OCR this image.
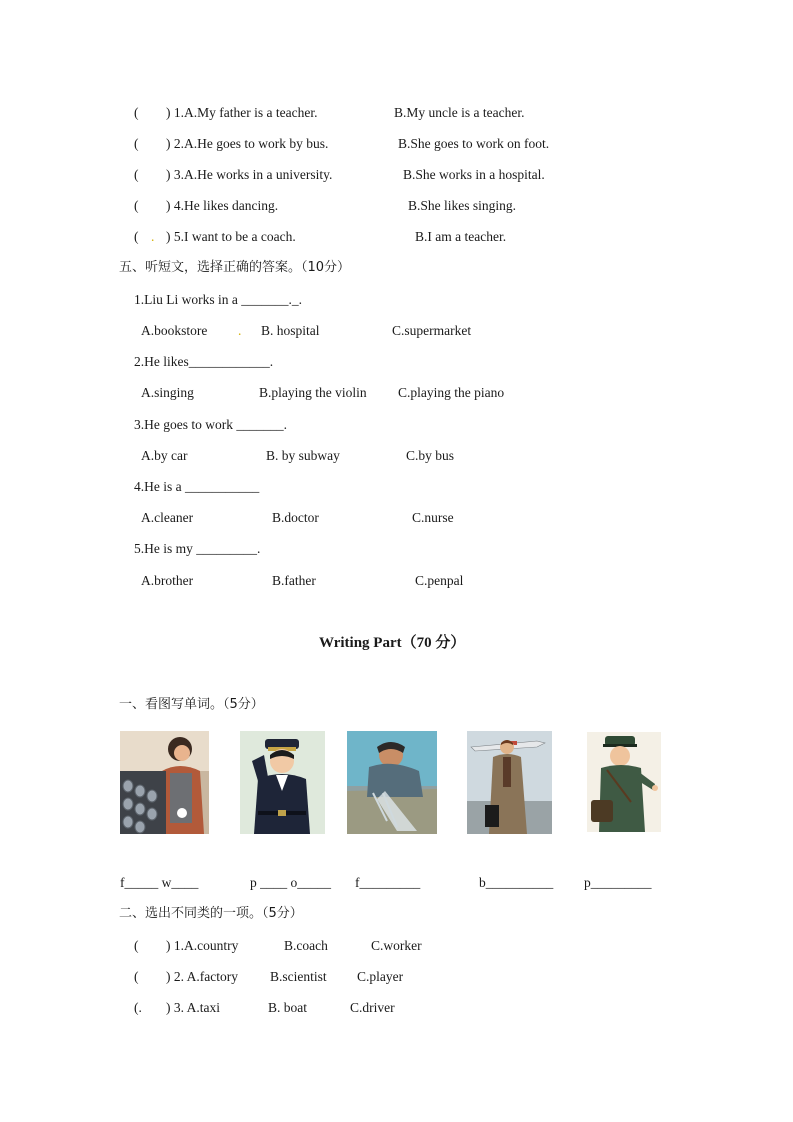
( ) 1.A.My father is a teacher.	B.My uncle is a teacher.
( ) 2.A.He goes to work by bus.	B.She goes to work on foot.
( ) 3.A.He works in a university.	B.She works in a hospital.
( ) 4.He likes dancing.	B.She likes singing.
( . ) 5.I want to be a coach.	B.I am a teacher.
五、听短文，选择正确的答案。（10分）
1.Liu Li works in a _______._.
A.bookstore . B. hospital	C.supermarket
2.He likes____________.
A.singing	B.playing the violin C.playing the piano
3.He goes to work _______.
A.by car	B. by subway	C.by bus
4.He is a ___________
A.cleaner	B.doctor	C.nurse
5.He is my _________.
A.brother	B.father	C.penpal
Writing Part（70 分）
一、看图写单词。（5分）
f_____ w____	p ____ o_____ f_________	b__________ p_________
二、选出不同类的一项。（5分）
( ) 1.A.country	B.coach	C.worker
( ) 2. A.factory B.scientist C.player
(. ) 3. A.taxi	B. boat	C.driver
